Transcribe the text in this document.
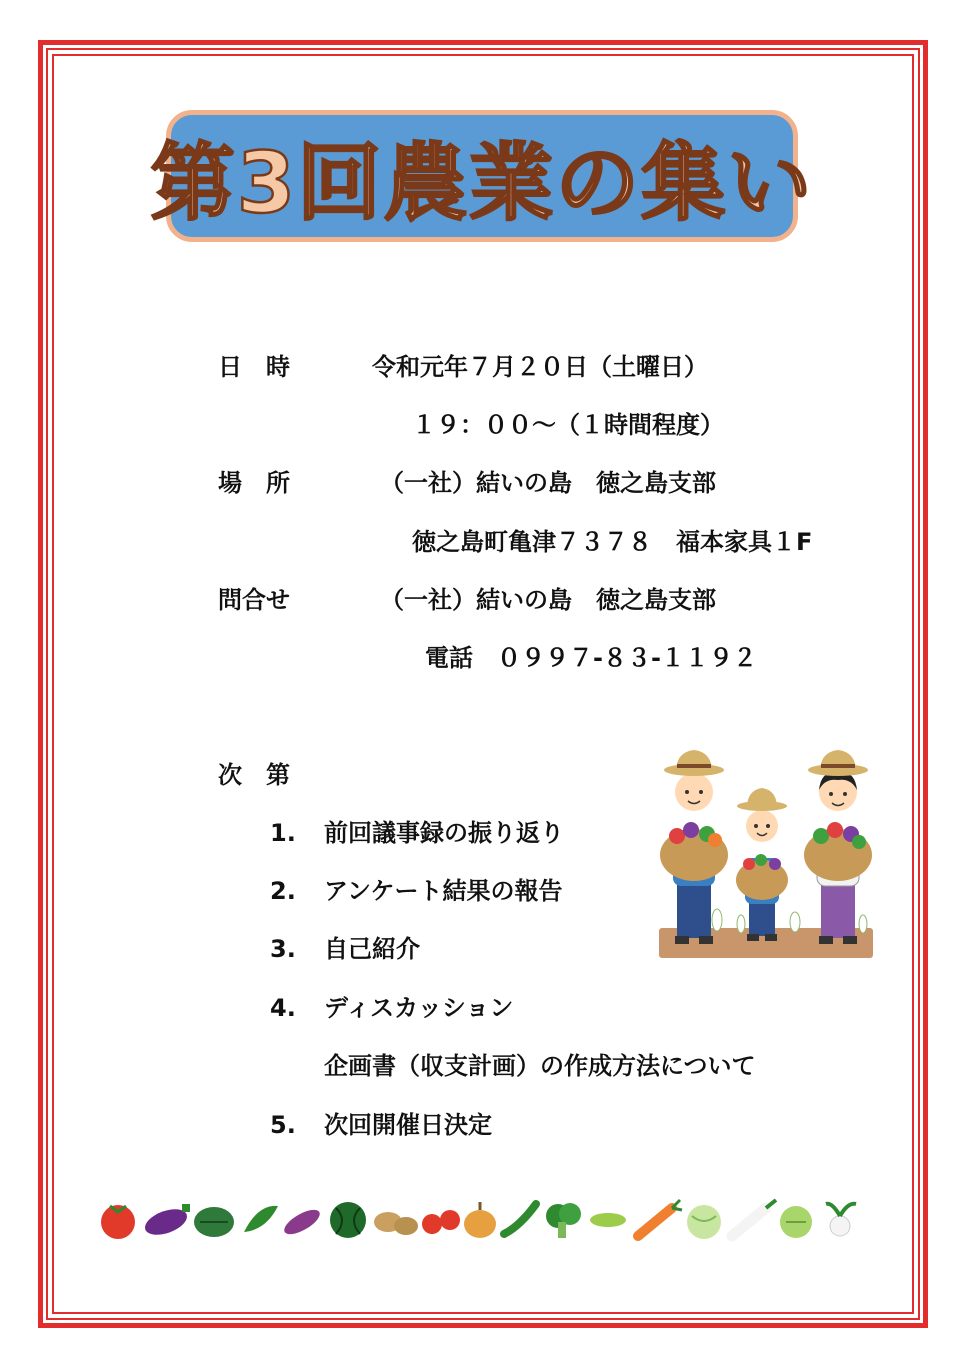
第3回農業の集い
日　時	令和元年７月２０日（土曜日）
１９：００～（１時間程度）
場　所	（一社）結いの島　徳之島支部
徳之島町亀津７３７８　福本家具１F
問合せ	（一社）結いの島　徳之島支部
電話　０９９７-８３-１１９２
次　第
1. 前回議事録の振り返り
2. アンケート結果の報告
3. 自己紹介
4. ディスカッション
企画書（収支計画）の作成方法について
5. 次回開催日決定
